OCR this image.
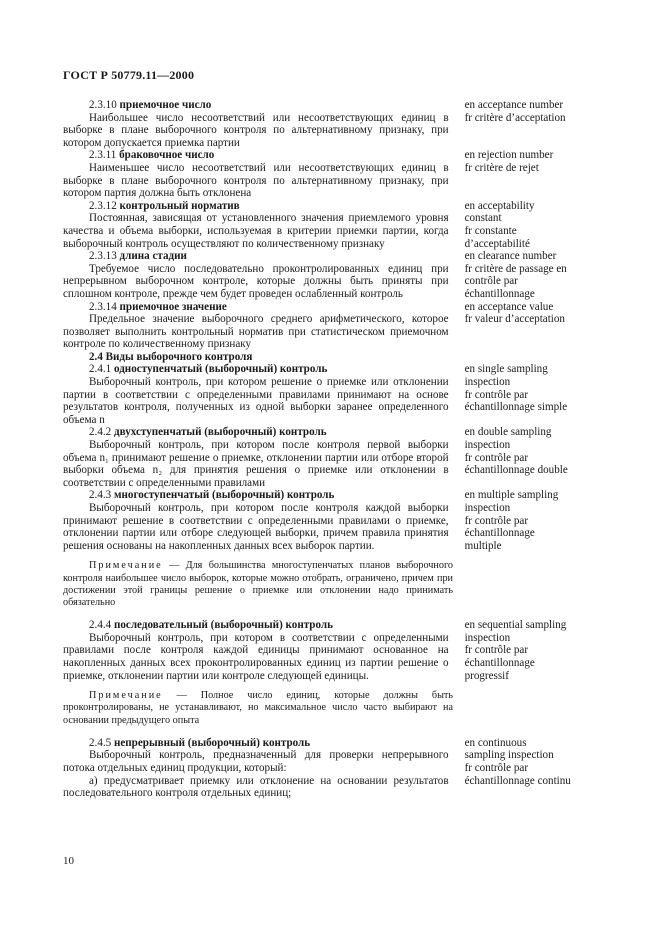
ГОСТ Р 50779.11—2000

2.3.10 приемочное число

Наибольшее число несоответствий или несоответствующих единиц в выборке в плане выборочного контроля по альтернативному признаку, при котором допускается приемка партии

en acceptance number
fr critère d’acceptation

2.3.11 браковочное число

Наименьшее число несоответствий или несоответствующих единиц в выборке в плане выборочного контроля по альтернативному признаку, при котором партия должна быть отклонена

en rejection number
fr critère de rejet

2.3.12 контрольный норматив

Постоянная, зависящая от установленного значения приемлемого уровня качества и объема выборки, используемая в критерии приемки партии, когда выборочный контроль осуществляют по количественному признаку

en acceptability
constant
fr constante
d’acceptabilité

2.3.13 длина стадии

Требуемое число последовательно проконтролированных единиц при непрерывном выборочном контроле, которые должны быть приняты при сплошном контроле, прежде чем будет проведен ослабленный контроль

en clearance number
fr critère de passage en
contrôle par
échantillonnage

2.3.14 приемочное значение

Предельное значение выборочного среднего арифметического, которое позволяет выполнить контрольный норматив при статистическом приемочном контроле по количественному признаку

en acceptance value
fr valeur d’acceptation

2.4 Виды выборочного контроля

2.4.1 одноступенчатый (выборочный) контроль

Выборочный контроль, при котором решение о приемке или отклонении партии в соответствии с определенными правилами принимают на основе результатов контроля, полученных из одной выборки заранее определенного объема n

en single sampling
inspection
fr contrôle par
échantillonnage simple

2.4.2 двухступенчатый (выборочный) контроль

Выборочный контроль, при котором после контроля первой выборки объема n₁ принимают решение о приемке, отклонении партии или отборе второй выборки объема n₂ для принятия решения о приемке или отклонении в соответствии с определенными правилами

en double sampling
inspection
fr contrôle par
échantillonnage double

2.4.3 многоступенчатый (выборочный) контроль

Выборочный контроль, при котором после контроля каждой выборки принимают решение в соответствии с определенными правилами о приемке, отклонении партии или отборе следующей выборки, причем правила принятия решения основаны на накопленных данных всех выборок партии.

en multiple sampling
inspection
fr contrôle par
échantillonnage
multiple

Примечание — Для большинства многоступенчатых планов выборочного контроля наибольшее число выборок, которые можно отобрать, ограничено, причем при достижении этой границы решение о приемке или отклонении надо принимать обязательно

2.4.4 последовательный (выборочный) контроль

Выборочный контроль, при котором в соответствии с определенными правилами после контроля каждой единицы принимают основанное на накопленных данных всех проконтролированных единиц из партии решение о приемке, отклонении партии или контроле следующей единицы.

en sequential sampling
inspection
fr contrôle par
échantillonnage
progressif

Примечание — Полное число единиц, которые должны быть проконтролированы, не устанавливают, но максимальное число часто выбирают на основании предыдущего опыта

2.4.5 непрерывный (выборочный) контроль

Выборочный контроль, предназначенный для проверки непрерывного потока отдельных единиц продукции, который:

а) предусматривает приемку или отклонение на основании результатов последовательного контроля отдельных единиц;

en continuous
sampling inspection
fr contrôle par
échantillonnage continu
10
